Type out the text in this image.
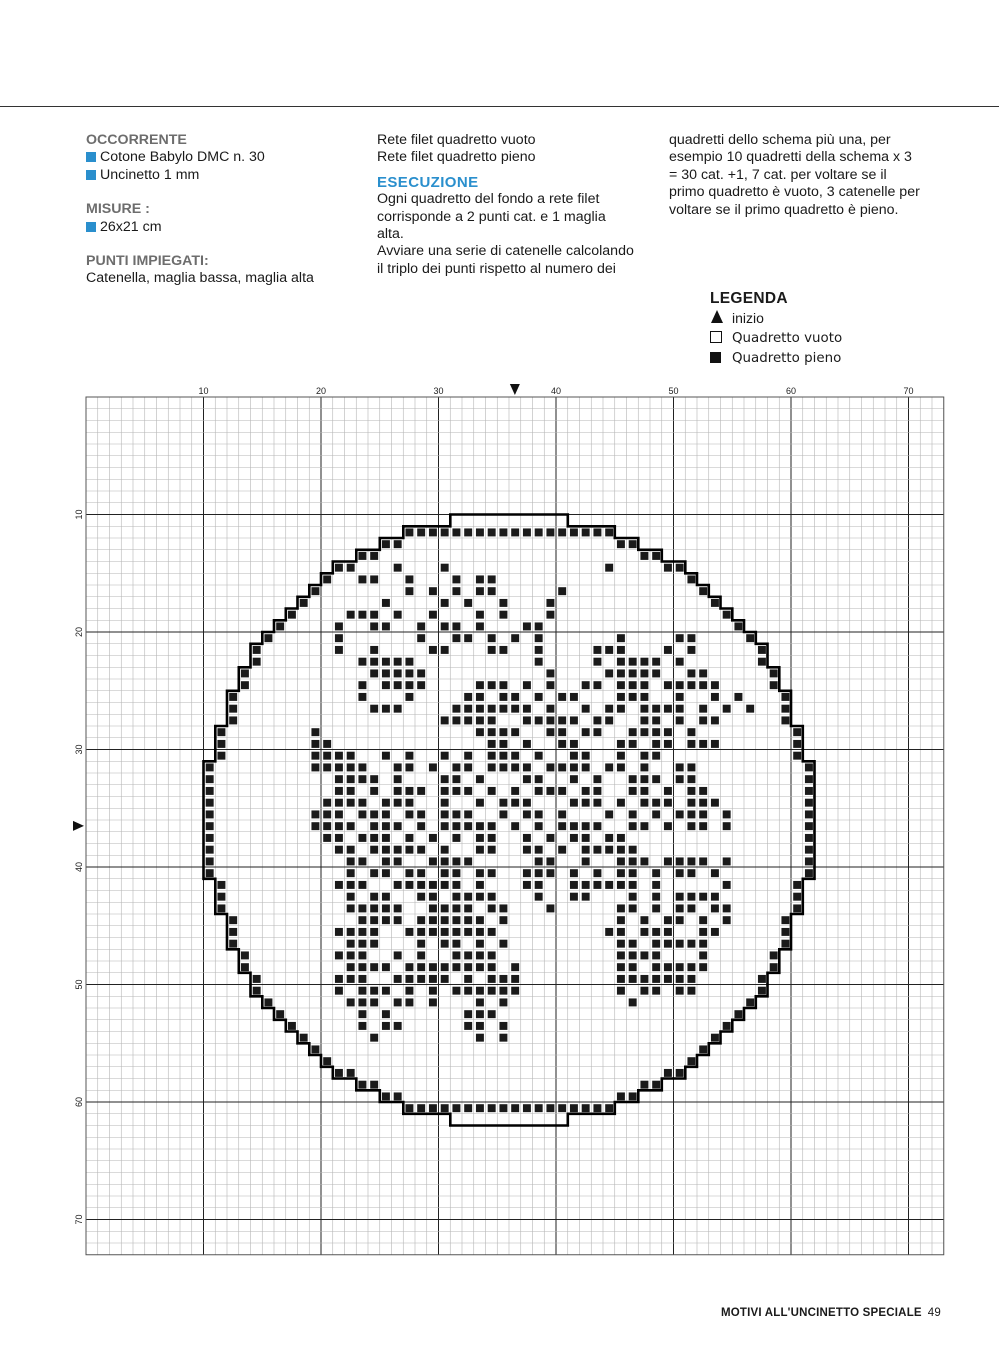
OCCORRENTE

Cotone Babylo DMC n. 30

Uncinetto 1 mm

MISURE :

26x21 cm

PUNTI IMPIEGATI:

Catenella, maglia bassa, maglia alta

Rete filet quadretto vuoto

Rete filet quadretto pieno

ESECUZIONE

Ogni quadretto del fondo a rete filet

corrisponde a 2 punti cat. e 1 maglia

alta.

Avviare una serie di catenelle calcolando

il triplo dei punti rispetto al numero dei

quadretti dello schema più una, per

esempio 10 quadretti della schema x 3

= 30 cat. +1, 7 cat. per voltare se il

primo quadretto è vuoto, 3 catenelle per

voltare se il primo quadretto è pieno.

LEGENDA
inizio
Quadretto vuoto
Quadretto pieno
10	20	30	40	50	60	70
10
20
30
40
50
60
70
MOTIVI ALL'UNCINETTO SPECIALE 49
